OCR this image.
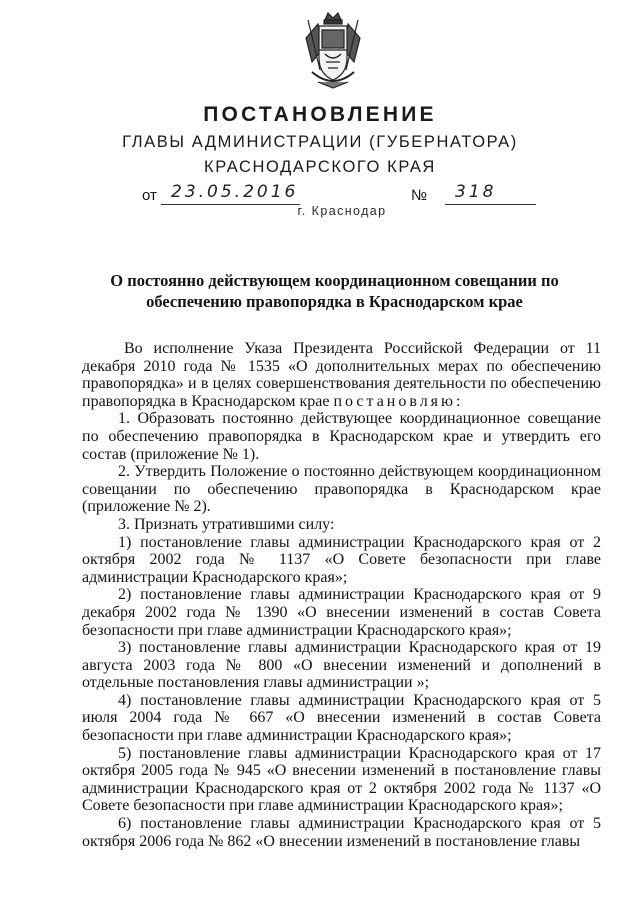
ПОСТАНОВЛЕНИЕ
ГЛАВЫ АДМИНИСТРАЦИИ (ГУБЕРНАТОРА)
КРАСНОДАРСКОГО КРАЯ
от 23.05.2016	№ 318
г. Краснодар
О постоянно действующем координационном совещании по обеспечению правопорядка в Краснодарском крае

Во исполнение Указа Президента Российской Федерации от 11 декабря 2010 года № 1535 «О дополнительных мерах по обеспечению правопорядка» и в целях совершенствования деятельности по обеспечению правопорядка в Краснодарском крае постановляю:

1. Образовать постоянно действующее координационное совещание по обеспечению правопорядка в Краснодарском крае и утвердить его состав (приложение № 1).

2. Утвердить Положение о постоянно действующем координационном совещании по обеспечению правопорядка в Краснодарском крае (приложение № 2).

3. Признать утратившими силу:

1) постановление главы администрации Краснодарского края от 2 октября 2002 года № 1137 «О Совете безопасности при главе администрации Краснодарского края»;

2) постановление главы администрации Краснодарского края от 9 декабря 2002 года № 1390 «О внесении изменений в состав Совета безопасности при главе администрации Краснодарского края»;

3) постановление главы администрации Краснодарского края от 19 августа 2003 года № 800 «О внесении изменений и дополнений в отдельные постановления главы администрации »;

4) постановление главы администрации Краснодарского края от 5 июля 2004 года № 667 «О внесении изменений в состав Совета безопасности при главе администрации Краснодарского края»;

5) постановление главы администрации Краснодарского края от 17 октября 2005 года № 945 «О внесении изменений в постановление главы администрации Краснодарского края от 2 октября 2002 года № 1137 «О Совете безопасности при главе администрации Краснодарского края»;

6) постановление главы администрации Краснодарского края от 5 октября 2006 года № 862 «О внесении изменений в постановление главы
